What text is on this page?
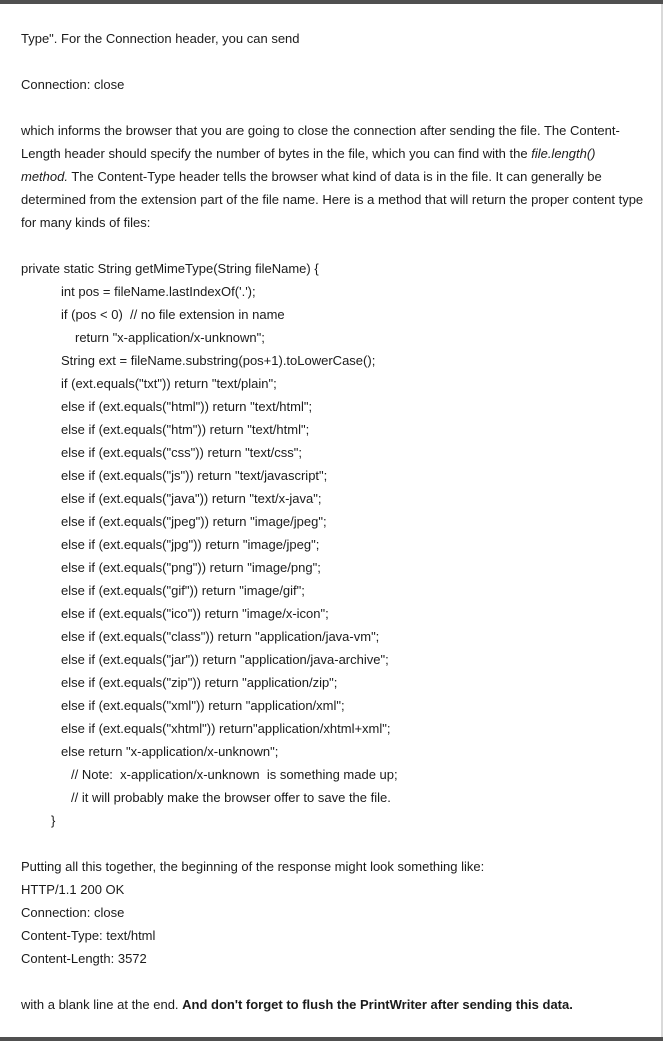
Type". For the Connection header, you can send

Connection: close

which informs the browser that you are going to close the connection after sending the file. The Content-Length header should specify the number of bytes in the file, which you can find with the file.length() method. The Content-Type header tells the browser what kind of data is in the file. It can generally be determined from the extension part of the file name. Here is a method that will return the proper content type for many kinds of files:

private static String getMimeType(String fileName) {

int pos = fileName.lastIndexOf('.');

if (pos < 0)  // no file extension in name

return "x-application/x-unknown";

String ext = fileName.substring(pos+1).toLowerCase();

if (ext.equals("txt")) return "text/plain";

else if (ext.equals("html")) return "text/html";

else if (ext.equals("htm")) return "text/html";

else if (ext.equals("css")) return "text/css";

else if (ext.equals("js")) return "text/javascript";

else if (ext.equals("java")) return "text/x-java";

else if (ext.equals("jpeg")) return "image/jpeg";

else if (ext.equals("jpg")) return "image/jpeg";

else if (ext.equals("png")) return "image/png";

else if (ext.equals("gif")) return "image/gif";

else if (ext.equals("ico")) return "image/x-icon";

else if (ext.equals("class")) return "application/java-vm";

else if (ext.equals("jar")) return "application/java-archive";

else if (ext.equals("zip")) return "application/zip";

else if (ext.equals("xml")) return "application/xml";

else if (ext.equals("xhtml")) return"application/xhtml+xml";

else return "x-application/x-unknown";

// Note:  x-application/x-unknown  is something made up;

// it will probably make the browser offer to save the file.

}

Putting all this together, the beginning of the response might look something like:

HTTP/1.1 200 OK

Connection: close

Content-Type: text/html

Content-Length: 3572

with a blank line at the end. And don't forget to flush the PrintWriter after sending this data.
